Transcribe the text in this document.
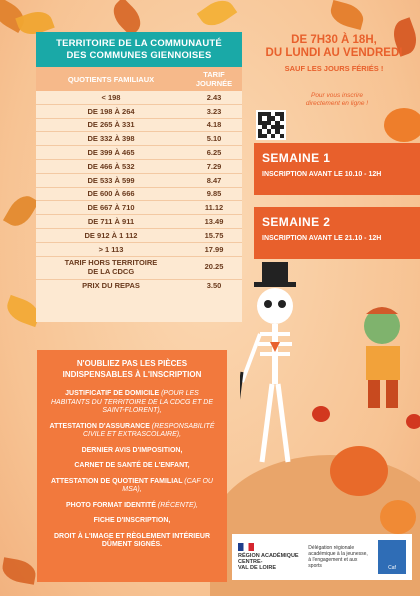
TERRITOIRE DE LA COMMUNAUTÉ
DES COMMUNES GIENNOISES
QUOTIENTS FAMILIAUX	TARIF
JOURNÉE
< 198	2.43
DE 198 À 264	3.23
DE 265 À 331	4.18
DE 332 À 398	5.10
DE 399 À 465	6.25
DE 466 À 532	7.29
DE 533 À 599	8.47
DE 600 À 666	9.85
DE 667 À 710	11.12
DE 711 À 911	13.49
DE 912 À 1 112	15.75
> 1 113	17.99

TARIF HORS TERRITOIRE
DE LA CDCG	20.25
PRIX DU REPAS	3.50
DE 7H30 À 18H,
DU LUNDI AU VENDREDI
SAUF LES JOURS FÉRIÉS !
Pour vous inscrire
directement en ligne !
SEMAINE 1
INSCRIPTION AVANT LE 10.10 - 12H
SEMAINE 2
INSCRIPTION AVANT LE 21.10 - 12H
N'OUBLIEZ PAS LES PIÈCES
INDISPENSABLES À L'INSCRIPTION
JUSTIFICATIF DE DOMICILE (POUR LES HABITANTS DU TERRITOIRE DE LA CDCG ET DE SAINT-FLORENT),
ATTESTATION D'ASSURANCE (RESPONSABILITÉ CIVILE ET EXTRASCOLAIRE),
DERNIER AVIS D'IMPOSITION,
CARNET DE SANTÉ DE L'ENFANT,
ATTESTATION DE QUOTIENT FAMILIAL (CAF OU MSA),
PHOTO FORMAT IDENTITÉ (RÉCENTE),
FICHE D'INSCRIPTION,
DROIT À L'IMAGE ET RÈGLEMENT INTÉRIEUR DÛMENT SIGNÉS.
RÉGION ACADÉMIQUE
CENTRE-
VAL DE LOIRE
Délégation régionale académique à la jeunesse, à l'engagement et aux sports	Caf
